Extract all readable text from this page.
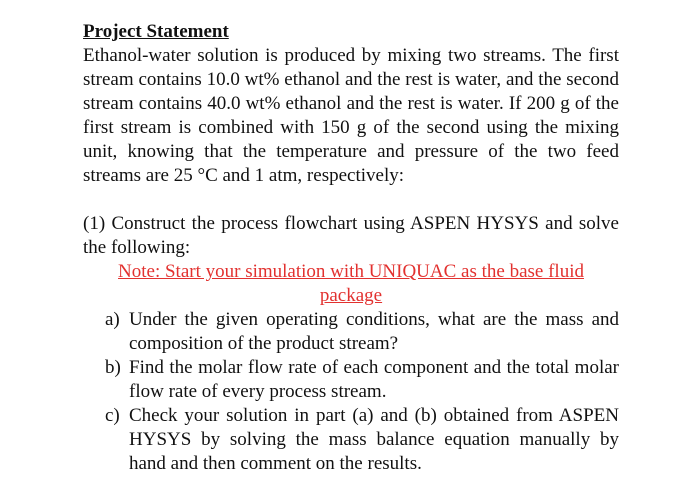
Project Statement

Ethanol-water solution is produced by mixing two streams. The first stream contains 10.0 wt% ethanol and the rest is water, and the second stream contains 40.0 wt% ethanol and the rest is water. If 200 g of the first stream is combined with 150 g of the second using the mixing unit, knowing that the temperature and pressure of the two feed streams are 25 °C and 1 atm, respectively:

(1) Construct the process flowchart using ASPEN HYSYS and solve the following:

Note: Start your simulation with UNIQUAC as the base fluid package

a) Under the given operating conditions, what are the mass and composition of the product stream?
b) Find the molar flow rate of each component and the total molar flow rate of every process stream.
c) Check your solution in part (a) and (b) obtained from ASPEN HYSYS by solving the mass balance equation manually by hand and then comment on the results.
